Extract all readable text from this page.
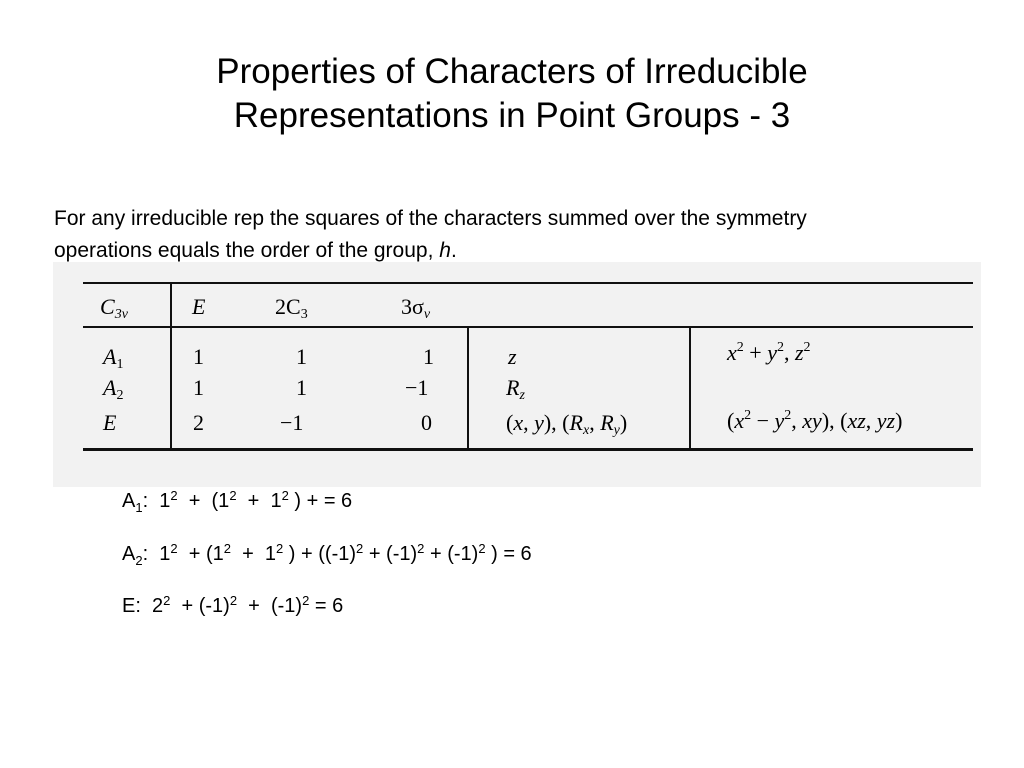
Properties of Characters of Irreducible
Representations in Point Groups - 3
For any irreducible rep the squares of the characters summed over the symmetry
operations equals the order of the group, h.
$C_{3v}$	E	$2C_3$	$3\sigma_v$
$A_1$	1	1	1	z	$x^2 + y^2$, $z^2$
$A_2$	1	1	−1	$R_z$
E	2	−1	0	(x, y), ($R_x$, $R_y$)	($x^2 - y^2$, xy), (xz, yz)
$A_1$:  $1^2 + (1^2 + 1^2$ ) + = 6
$A_2$:  $1^2 + (1^2 + 1^2$ ) + ($(-1)^2 + (-1)^2 + (-1)^2$ ) = 6
E:  $2^2 + (-1)^2 + (-1)^2 = 6$
